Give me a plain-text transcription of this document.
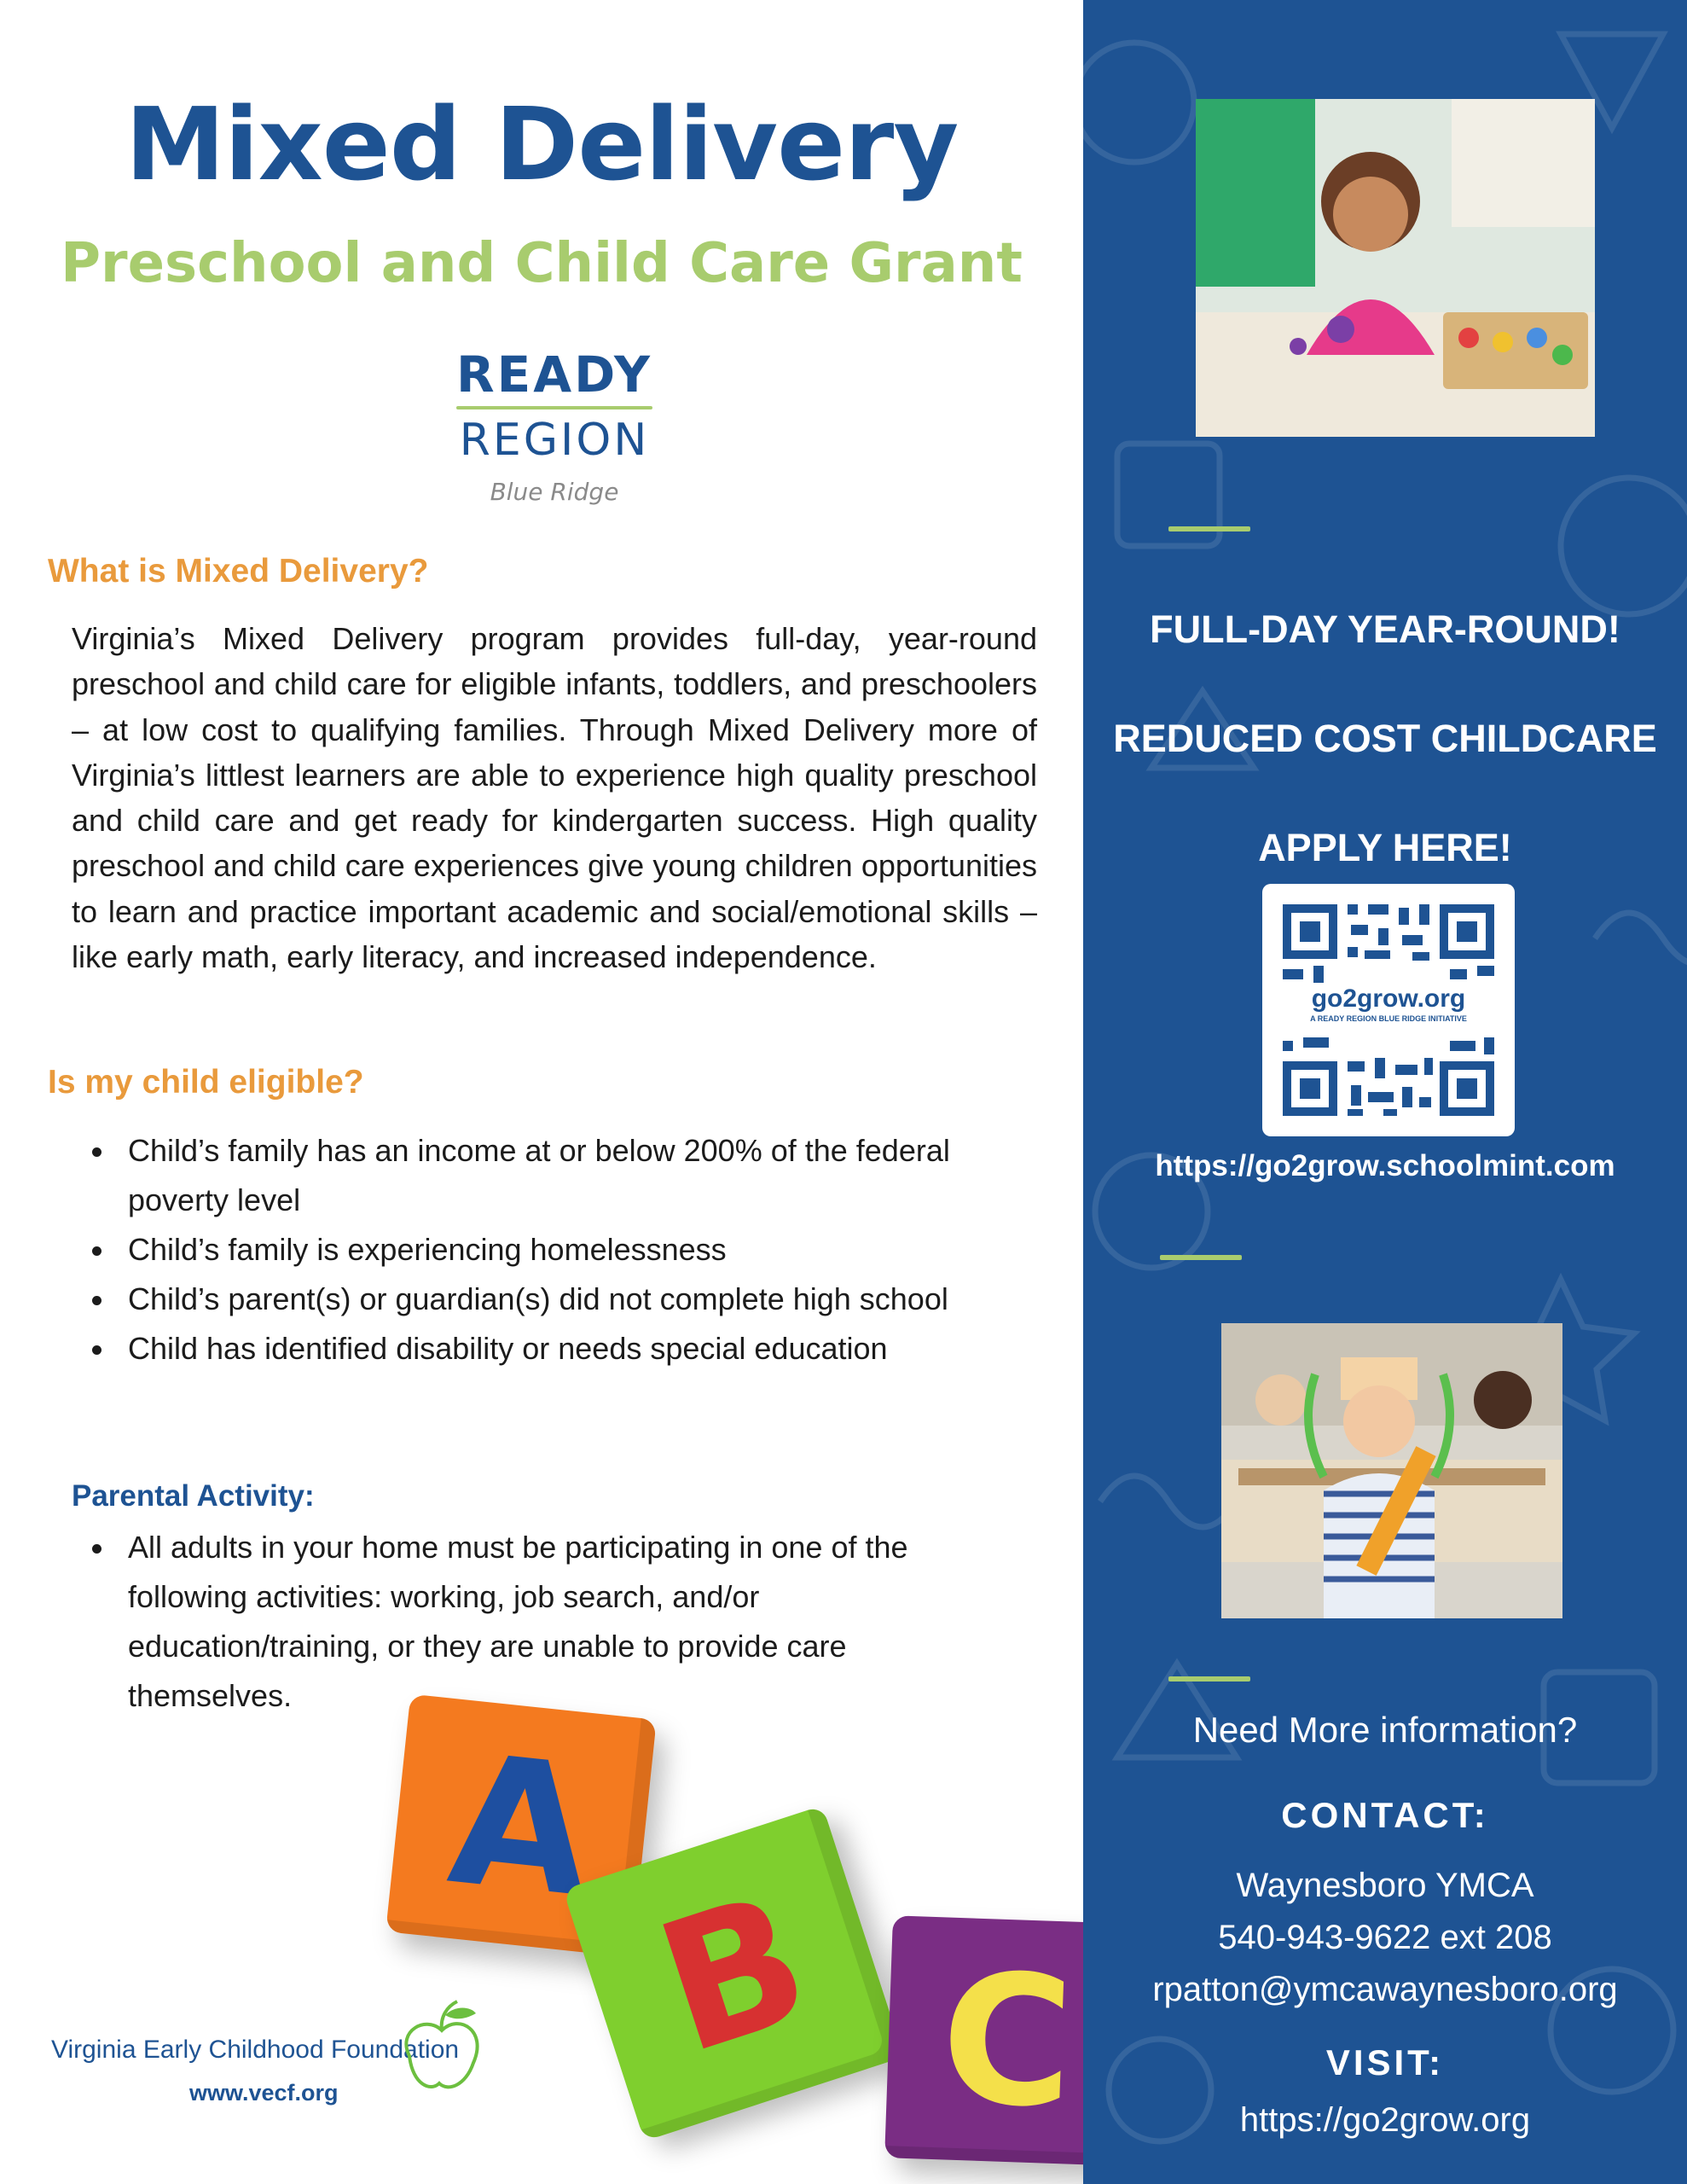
Mixed Delivery
Preschool and Child Care Grant
READY
REGION
Blue Ridge
What is Mixed Delivery?

Virginia’s Mixed Delivery program provides full-day, year-round preschool and child care for eligible infants, toddlers, and preschoolers – at low cost to qualifying families. Through Mixed Delivery more of Virginia’s littlest learners are able to experience high quality preschool and child care and get ready for kindergarten success. High quality preschool and child care experiences give young children opportunities to learn and practice important academic and social/emotional skills – like early math, early literacy, and increased independence.

Is my child eligible?
Child’s family has an income at or below 200% of the federal poverty level
Child’s family is experiencing homelessness
Child’s parent(s) or guardian(s) did not complete high school
Child has identified disability or needs special education
Parental Activity:
All adults in your home must be participating in one of the following activities: working, job search, and/or education/training, or they are unable to provide care themselves.
A
B C
Virginia Early Childhood Foundation
www.vecf.org
FULL-DAY YEAR-ROUND!
REDUCED COST CHILDCARE
APPLY HERE!
go2grow.org
A READY REGION BLUE RIDGE INITIATIVE
https://go2grow.schoolmint.com
Need More information?
CONTACT:
Waynesboro YMCA
540-943-9622 ext 208
rpatton@ymcawaynesboro.org
VISIT:
https://go2grow.org
